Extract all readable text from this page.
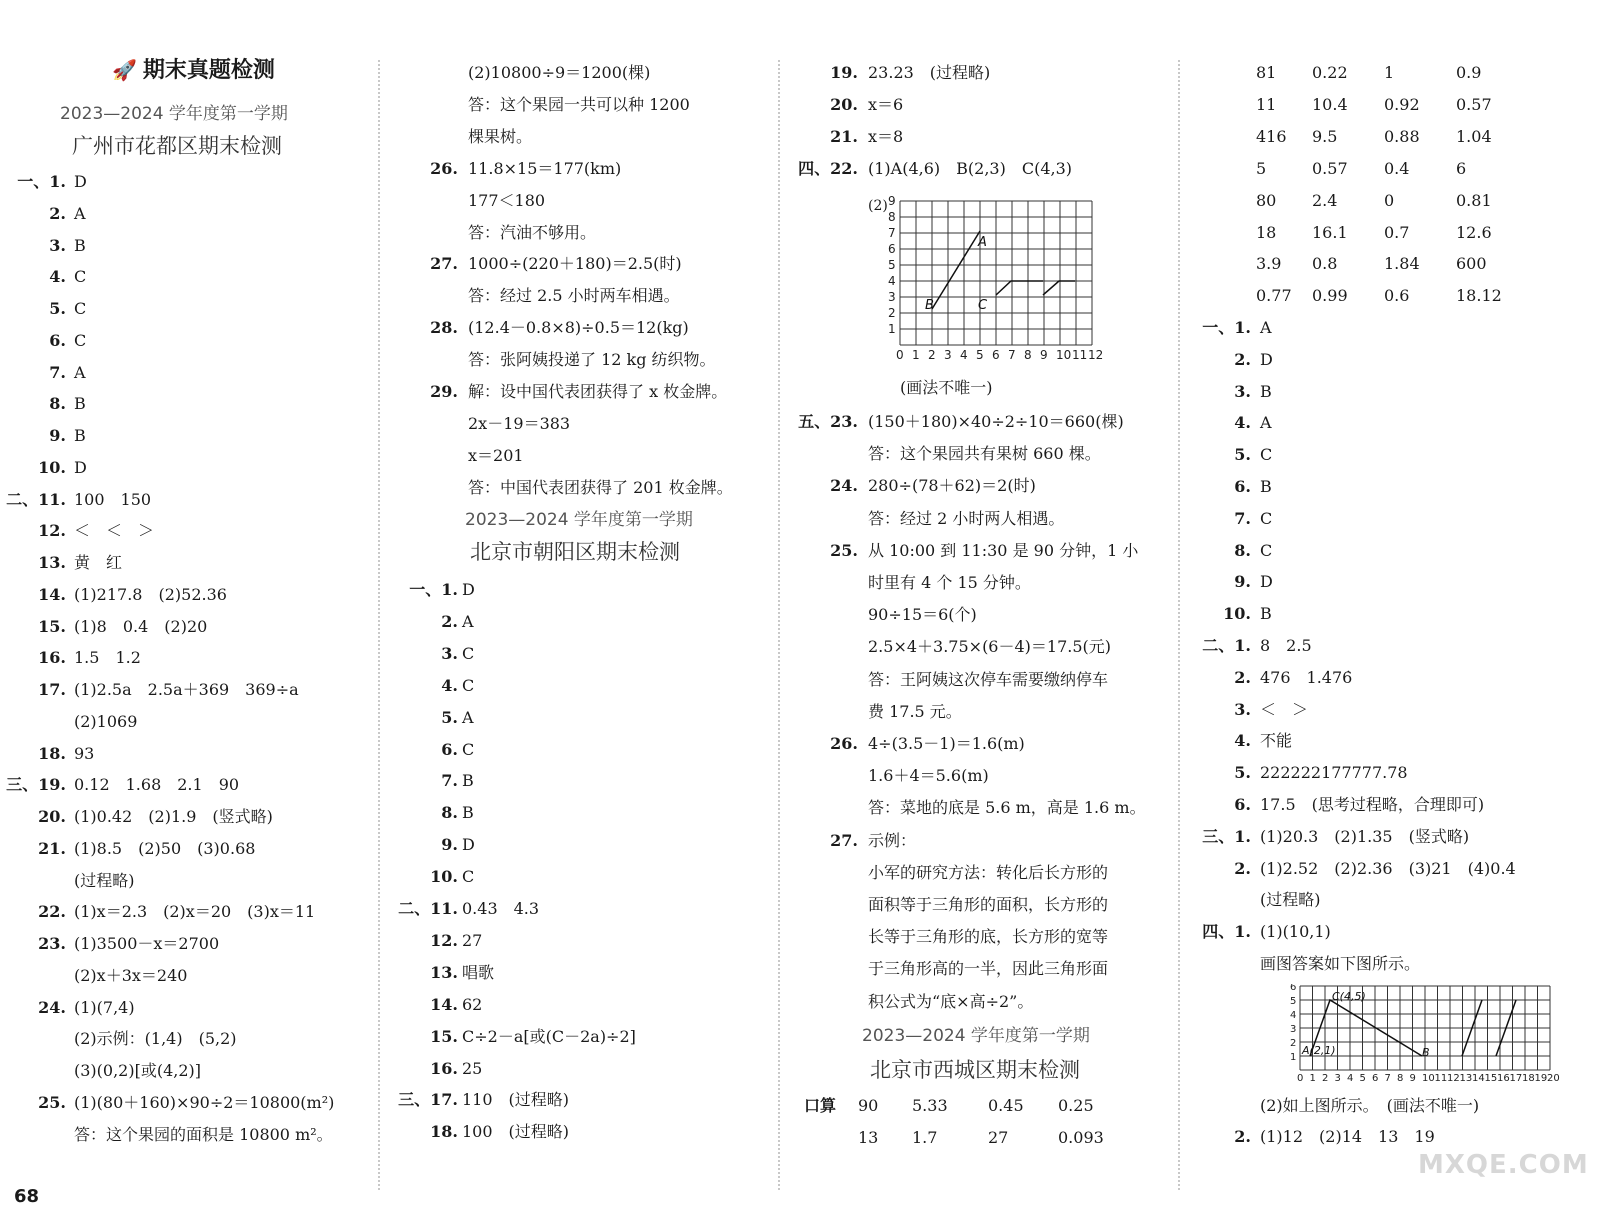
🚀 期末真题检测
2023—2024 学年度第一学期
广州市花都区期末检测
一、1. D
2. A
3. B
4. C
5. C
6. C
7. A
8. B
9. B
10. D
二、11. 100　150
12. ＜　＜　＞
13. 黄　红
14. (1)217.8　(2)52.36
15. (1)8　0.4　(2)20
16. 1.5　1.2
17. (1)2.5a　2.5a＋369　369÷a
(2)1069
18. 93
三、19. 0.12　1.68　2.1　90
20. (1)0.42　(2)1.9　(竖式略)
21. (1)8.5　(2)50　(3)0.68
(过程略)
22. (1)x＝2.3　(2)x＝20　(3)x＝11
23. (1)3500－x＝2700
(2)x＋3x＝240
24. (1)(7,4)
(2)示例：(1,4)　(5,2)
(3)(0,2)[或(4,2)]
25. (1)(80＋160)×90÷2＝10800(m²)
答：这个果园的面积是 10800 m²。
(2)10800÷9＝1200(棵)
答：这个果园一共可以种 1200
棵果树。
26. 11.8×15＝177(km)
177＜180
答：汽油不够用。
27. 1000÷(220＋180)＝2.5(时)
答：经过 2.5 小时两车相遇。
28. (12.4－0.8×8)÷0.5＝12(kg)
答：张阿姨投递了 12 kg 纺织物。
29. 解：设中国代表团获得了 x 枚金牌。
2x－19＝383
x＝201
答：中国代表团获得了 201 枚金牌。
一、1. D
2. A
3. C
4. C
5. A
6. C
7. B
8. B
9. D
10. C
二、11. 0.43　4.3
12. 27
13. 唱歌
14. 62
15. C÷2－a[或(C－2a)÷2]
16. 25
三、17. 110　(过程略)
18. 100　(过程略)
19. 23.23　(过程略)
20. x＝6
21. x＝8
四、22. (1)A(4,6)　B(2,3)　C(4,3)
五、23. (150＋180)×40÷2÷10＝660(棵)
答：这个果园共有果树 660 棵。
24. 280÷(78＋62)＝2(时)
答：经过 2 小时两人相遇。
25. 从 10:00 到 11:30 是 90 分钟，1 小
时里有 4 个 15 分钟。
90÷15＝6(个)
2.5×4＋3.75×(6－4)＝17.5(元)
答：王阿姨这次停车需要缴纳停车
费 17.5 元。
26. 4÷(3.5－1)＝1.6(m)
1.6＋4＝5.6(m)
答：菜地的底是 5.6 m，高是 1.6 m。
27. 示例：
小军的研究方法：转化后长方形的
面积等于三角形的面积，长方形的
长等于三角形的底，长方形的宽等
于三角形高的一半，因此三角形面
积公式为“底×高÷2”。
口算 90 5.33	0.45 0.25
13 1.7	27	0.093
一、1. A
2. D
3. B
4. A
5. C
6. B
7. C
8. C
9. D
10. B
二、1. 8　2.5
2. 476　1.4̇76̇
3. ＜　＞
4. 不能
5. 222222177777.78
6. 17.5　(思考过程略，合理即可)
三、1. (1)20.3　(2)1.35　(竖式略)
2. (1)2.52　(2)2.36　(3)21　(4)0.4
(过程略)
四、1. (1)(10,1)
画图答案如下图所示。
(2)如上图所示。　(画法不唯一)
2. (1)12　(2)14　13　19
81 0.22 1	0.9
11 10.4 0.92 0.57
416 9.5	0.88 1.04
5	0.57 0.4	6
80 2.4	0	0.81
18 16.1 0.7	12.6
3.9 0.8	1.84 600
0.77 0.99 0.6	18.12
2023—2024 学年度第一学期
北京市朝阳区期末检测
(2)
0 1 2 3 4 5 6 7 8 9 10 11 12
1
2
3
4
5
6
7
8
9
A
B	C
(画法不唯一)
2023—2024 学年度第一学期
北京市西城区期末检测	0 1 2 3 4 5 6 7 8 9 10 11 12 13 14 15 16 17 18 19 20
1
2
3
4
5
6
A(2,1)
C(4,5)
B
68
MXQE.COM
